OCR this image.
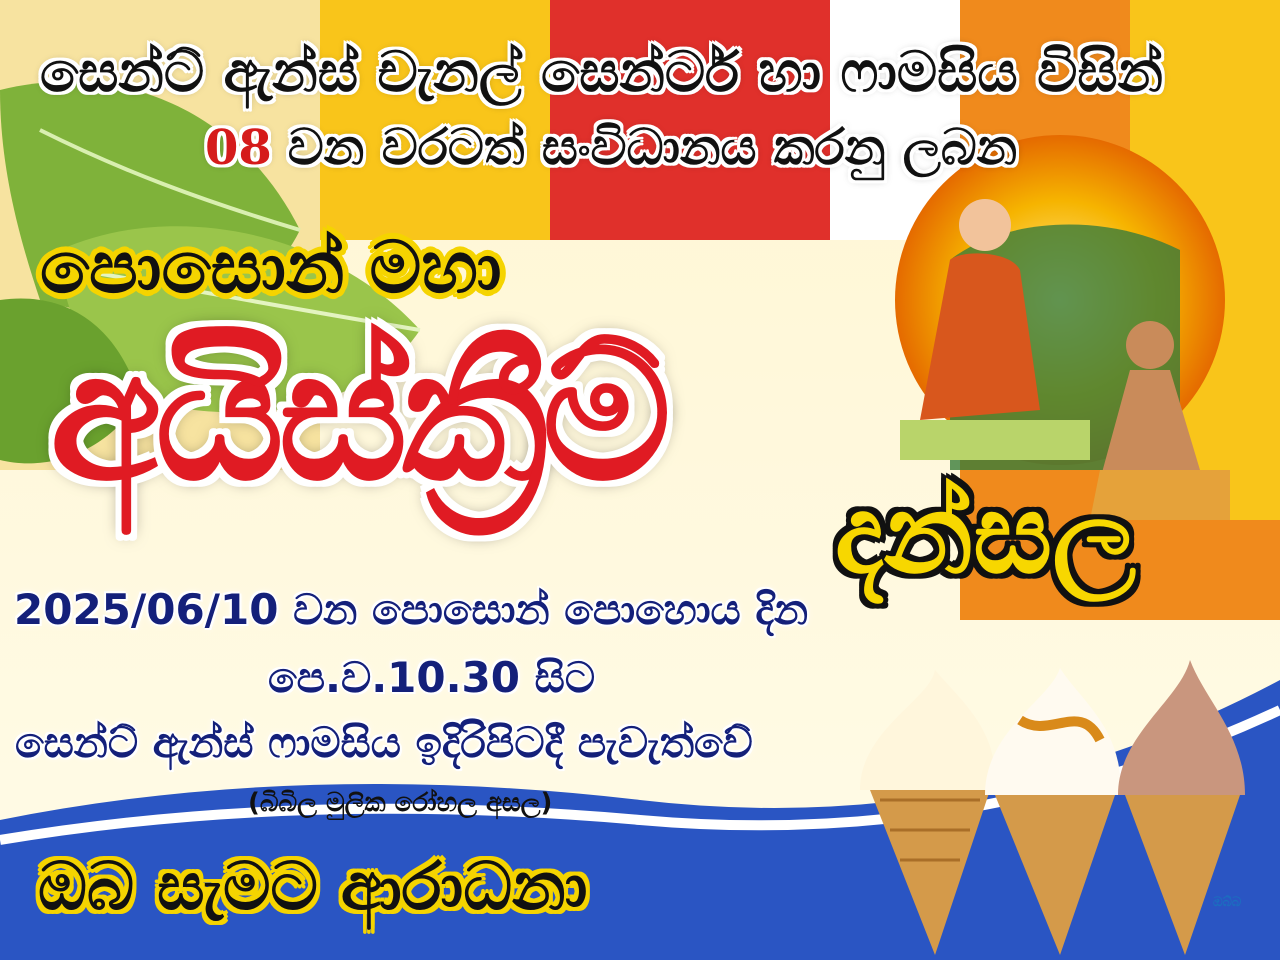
සෙන්ට් ඇන්ස් චැනල් සෙන්ටර් හා ෆාමසිය විසින්
08 වන වරටත් සංවිධානය කරනු ලබන
පොසොන් මහා
අයිස්ක්‍රීම්
දන්සල
2025/06/10 වන පොසොන් පොහොය දින
පෙ.ව.10.30 සිට
සෙන්ට් ඇන්ස් ෆාමසිය ඉදිරිපිටදී පැවැත්වේ
(බිබිල මුලික රෝහල අසල)
ඔබ සැමට ආරාධනා	ඔබ්බ
